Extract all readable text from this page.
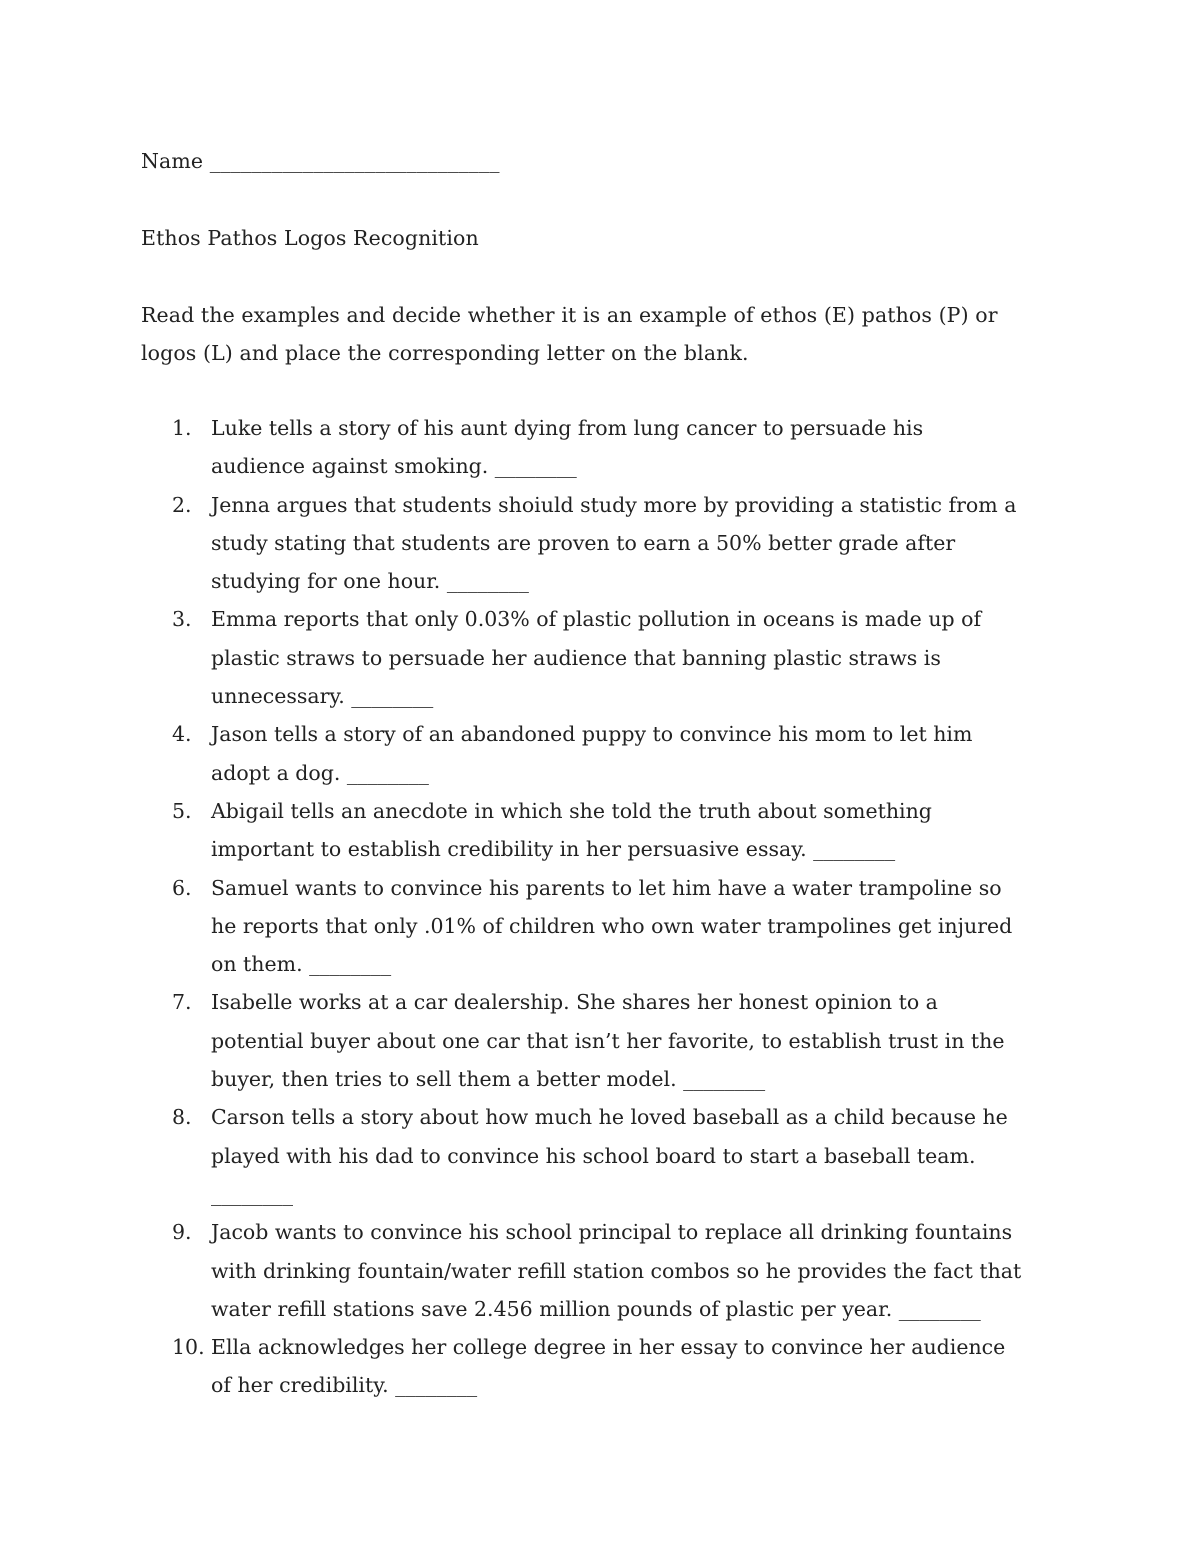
Name ____________________________
Ethos Pathos Logos Recognition
Read the examples and decide whether it is an example of ethos (E) pathos (P) or
logos (L) and place the corresponding letter on the blank.
1. Luke tells a story of his aunt dying from lung cancer to persuade his
audience against smoking. ________
2. Jenna argues that students shoiuld study more by providing a statistic from a
study stating that students are proven to earn a 50% better grade after
studying for one hour. ________
3. Emma reports that only 0.03% of plastic pollution in oceans is made up of
plastic straws to persuade her audience that banning plastic straws is
unnecessary. ________
4. Jason tells a story of an abandoned puppy to convince his mom to let him
adopt a dog. ________
5. Abigail tells an anecdote in which she told the truth about something
important to establish credibility in her persuasive essay. ________
6. Samuel wants to convince his parents to let him have a water trampoline so
he reports that only .01% of children who own water trampolines get injured
on them. ________
7. Isabelle works at a car dealership. She shares her honest opinion to a
potential buyer about one car that isn’t her favorite, to establish trust in the
buyer, then tries to sell them a better model. ________
8. Carson tells a story about how much he loved baseball as a child because he
played with his dad to convince his school board to start a baseball team.
________
9. Jacob wants to convince his school principal to replace all drinking fountains
with drinking fountain/water refill station combos so he provides the fact that
water refill stations save 2.456 million pounds of plastic per year. ________
10. Ella acknowledges her college degree in her essay to convince her audience
of her credibility. ________
